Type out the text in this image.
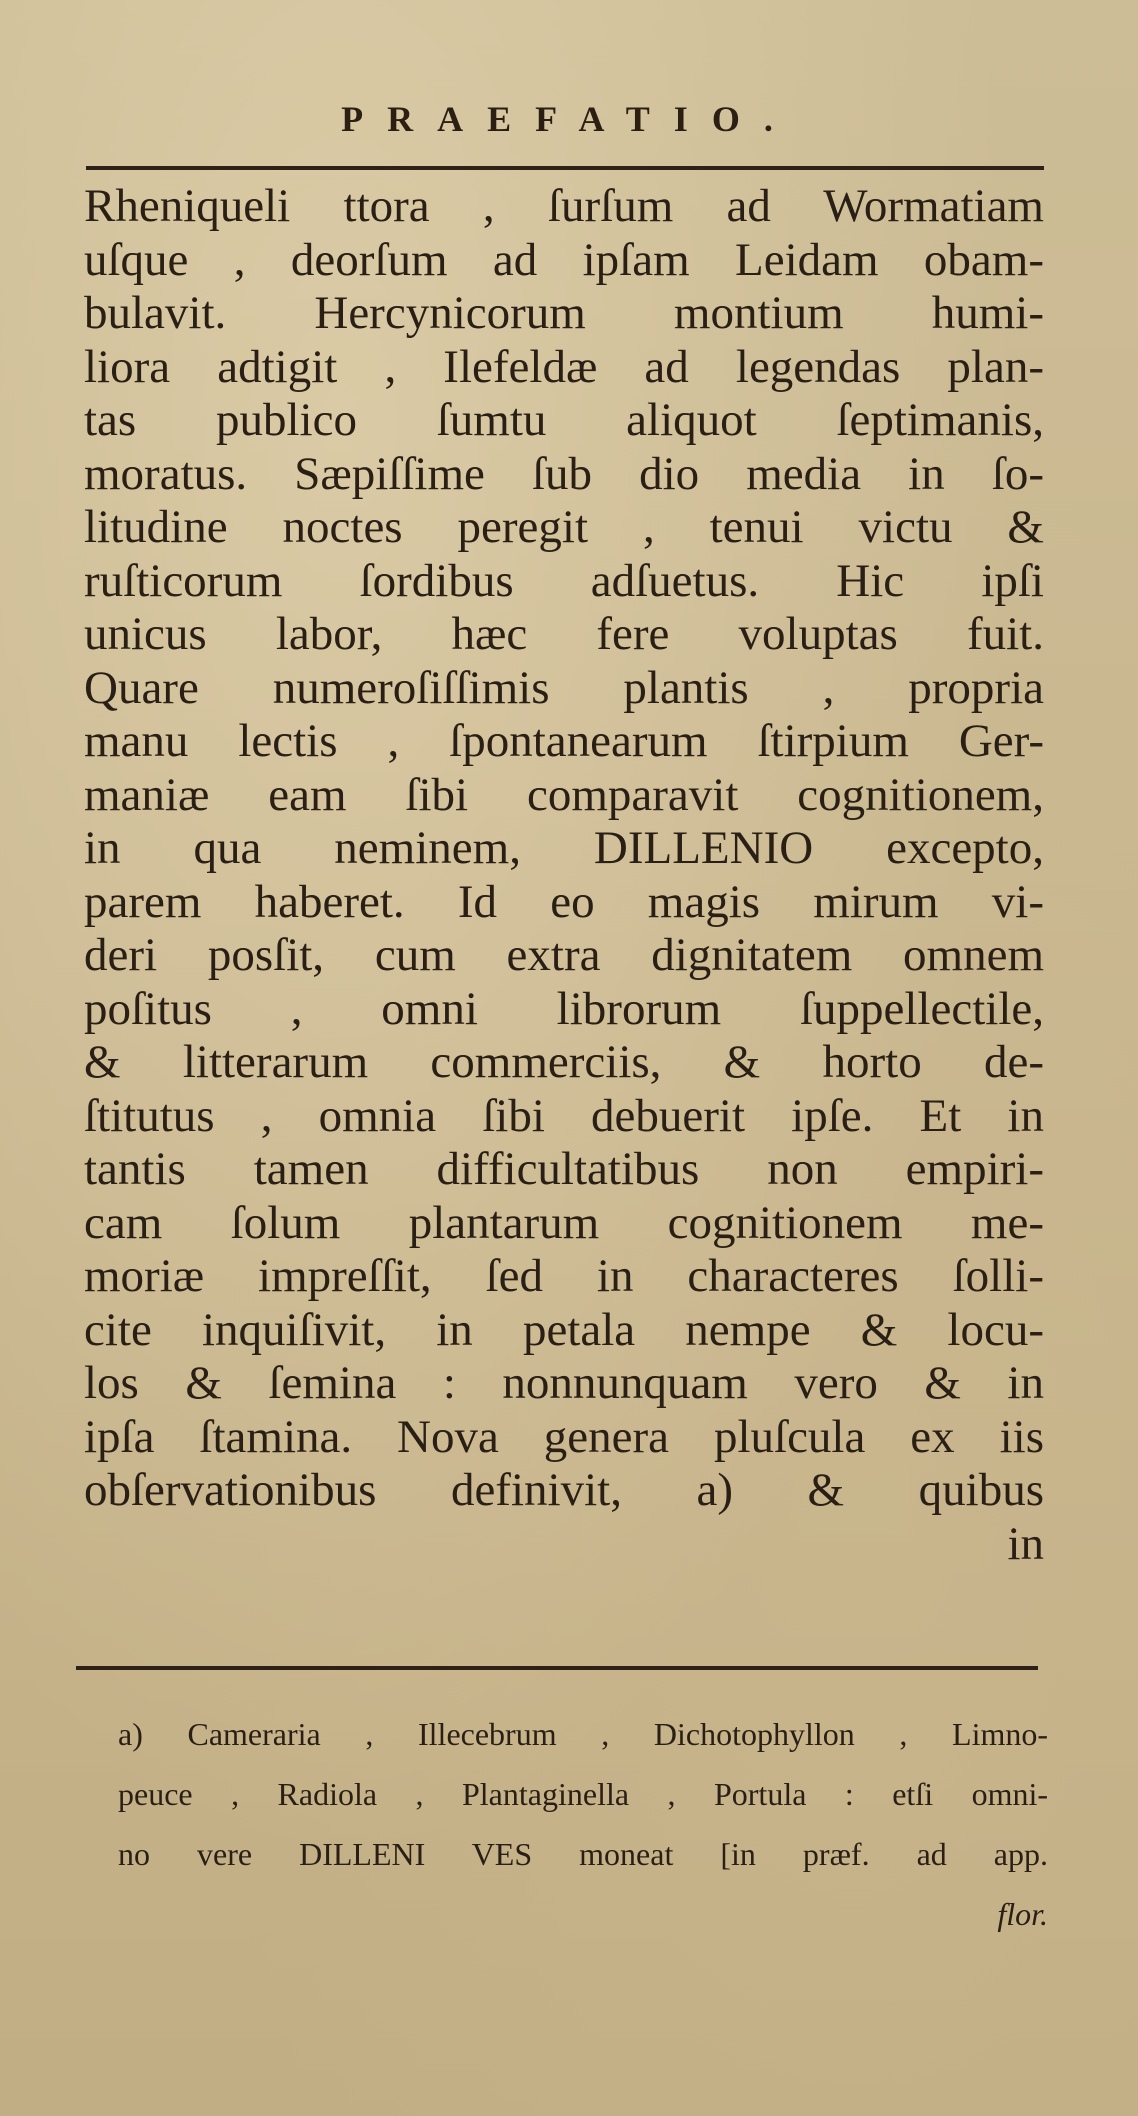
PRAEFATIO.
Rheniqueli ttora , ſurſum ad Wormatiam
uſque , deorſum ad ipſam Leidam obam-
bulavit. Hercynicorum montium humi-
liora adtigit , Ilefeldæ ad legendas plan-
tas publico ſumtu aliquot ſeptimanis,
moratus. Sæpiſſime ſub dio media in ſo-
litudine noctes peregit , tenui victu &
ruſticorum ſordibus adſuetus. Hic ipſi
unicus labor, hæc fere voluptas fuit.
Quare numeroſiſſimis plantis , propria
manu lectis , ſpontanearum ſtirpium Ger-
maniæ eam ſibi comparavit cognitionem,
in qua neminem, DILLENIO excepto,
parem haberet. Id eo magis mirum vi-
deri posſit, cum extra dignitatem omnem
poſitus , omni librorum ſuppellectile,
& litterarum commerciis, & horto de-
ſtitutus , omnia ſibi debuerit ipſe. Et in
tantis tamen difficultatibus non empiri-
cam ſolum plantarum cognitionem me-
moriæ impreſſit, ſed in characteres ſolli-
cite inquiſivit, in petala nempe & locu-
los & ſemina : nonnunquam vero & in
ipſa ſtamina. Nova genera pluſcula ex iis
obſervationibus definivit, a) & quibus
in
a) Cameraria , Illecebrum , Dichotophyllon , Limno-
peuce , Radiola , Plantaginella , Portula : etſi omni-
no vere DILLENI VES moneat [in præf. ad app.
flor.
